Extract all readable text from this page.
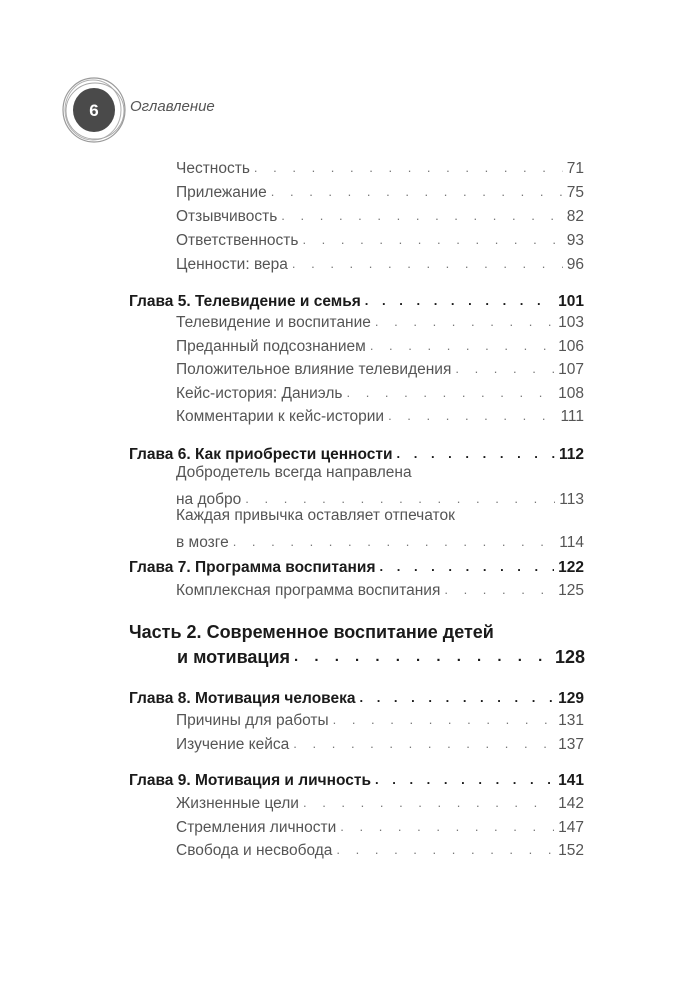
6	Оглавление
Честность . . .	71
Прилежание . . .	75
Отзывчивость . . .	82
Ответственность . . .	93
Ценности: вера . . .	96
Глава 5. Телевидение и семья . . .	101
Телевидение и воспитание . . .	103
Преданный подсознанием . . .	106
Положительное влияние телевидения . . .	107
Кейс-история: Даниэль . . .	108
Комментарии к кейс-истории . . .	111
Глава 6. Как приобрести ценности . . .	112
Добродетель всегда направлена
на добро . . .	113
Каждая привычка оставляет отпечаток
в мозге . . .	114
Глава 7. Программа воспитания . . .	122
Комплексная программа воспитания . . .	125
Часть 2. Современное воспитание детей
и мотивация . . .	128
Глава 8. Мотивация человека . . .	129
Причины для работы . . .	131
Изучение кейса . . .	137
Глава 9. Мотивация и личность . . .	141
Жизненные цели . . .	142
Стремления личности . . .	147
Свобода и несвобода . . .	152
